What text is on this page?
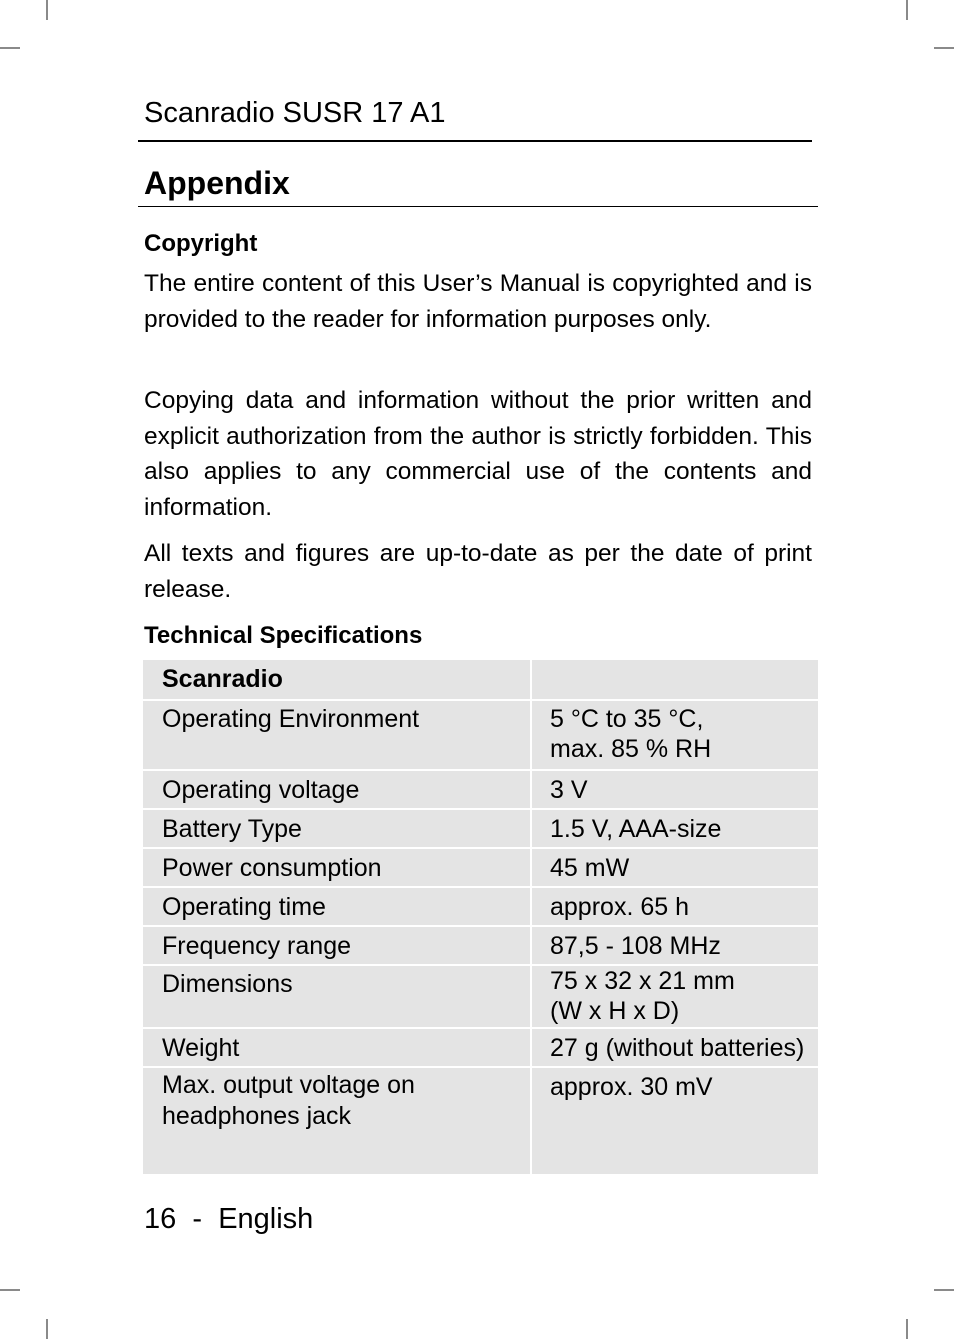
Scanradio SUSR 17 A1
Appendix
Copyright
The entire content of this User’s Manual is copyrighted and is provided to the reader for information purposes only.
Copying data and information without the prior written and explicit authorization from the author is strictly forbidden. This also applies to any commercial use of the contents and information.
All texts and figures are up-to-date as per the date of print release.
Technical Specifications
Scanradio	

Operating Environment	5 °C to 35 °C,
max. 85 % RH

Operating voltage	3 V

Battery Type	1.5 V, AAA-size

Power consumption	45 mW

Operating time	approx. 65 h

Frequency range	87,5 - 108 MHz

Dimensions	75 x 32 x 21 mm
(W x H x D)

Weight	27 g (without batteries)

Max. output voltage on
headphones jack	approx. 30 mV
16 - English
